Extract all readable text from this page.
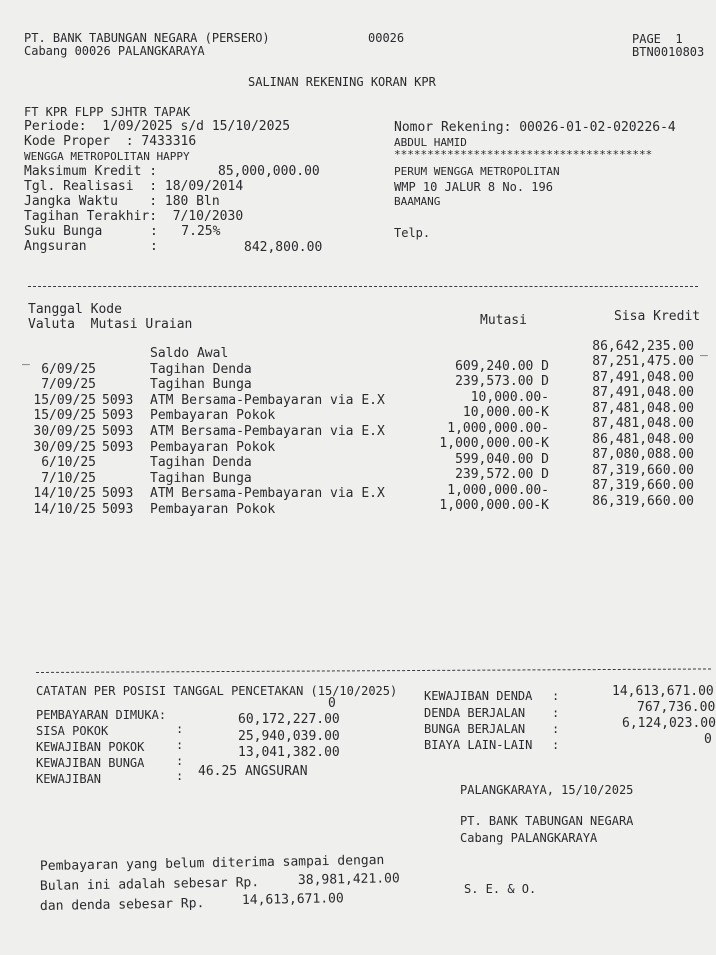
PT. BANK TABUNGAN NEGARA (PERSERO)
Cabang 00026 PALANGKARAYA
00026	PAGE  1
BTN0010803
SALINAN REKENING KORAN KPR
FT KPR FLPP SJHTR TAPAK
Periode:  1/09/2025 s/d 15/10/2025
Kode Proper  : 7433316
WENGGA METROPOLITAN HAPPY
Maksimum Kredit :	85,000,000.00
Tgl. Realisasi  : 18/09/2014
Jangka Waktu    : 180 Bln
Tagihan Terakhir:  7/10/2030
Suku Bunga	:   7.25%
Angsuran	:	842,800.00
Nomor Rekening: 00026-01-02-020226-4
ABDUL HAMID
***************************************
PERUM WENGGA METROPOLITAN
WMP 10 JALUR 8 No. 196
BAAMANG
Telp.
Tanggal Kode
Valuta  Mutasi Uraian	Mutasi	Sisa Kredit
_
_
Saldo Awal	86,642,235.00
6/09/25	Tagihan Denda	609,240.00 D	87,251,475.00
7/09/25	Tagihan Bunga	239,573.00 D	87,491,048.00
15/09/25 5093 ATM Bersama-Pembayaran via E.X	10,000.00-	87,491,048.00
15/09/25 5093 Pembayaran Pokok	10,000.00-K	87,481,048.00
30/09/25 5093 ATM Bersama-Pembayaran via E.X	1,000,000.00-	87,481,048.00
30/09/25 5093 Pembayaran Pokok	1,000,000.00-K	86,481,048.00
6/10/25	Tagihan Denda	599,040.00 D	87,080,088.00
7/10/25	Tagihan Bunga	239,572.00 D	87,319,660.00
14/10/25 5093 ATM Bersama-Pembayaran via E.X	1,000,000.00-	87,319,660.00
14/10/25 5093 Pembayaran Pokok	1,000,000.00-K	86,319,660.00
CATATAN PER POSISI TANGGAL PENCETAKAN (15/10/2025)
PEMBAYARAN DIMUKA:
0
SISA POKOK	:
60,172,227.00
KEWAJIBAN POKOK	:
25,940,039.00
KEWAJIBAN BUNGA	:
13,041,382.00
KEWAJIBAN	: 46.25 ANGSURAN
KEWAJIBAN DENDA :	14,613,671.00
DENDA BERJALAN :	767,736.00
BUNGA BERJALAN :	6,124,023.00
BIAYA LAIN-LAIN :	0
PALANGKARAYA, 15/10/2025
PT. BANK TABUNGAN NEGARA
Cabang PALANGKARAYA
Pembayaran yang belum diterima sampai dengan
Bulan ini adalah sebesar Rp.	38,981,421.00
dan denda sebesar Rp.	14,613,671.00
S. E. & O.
